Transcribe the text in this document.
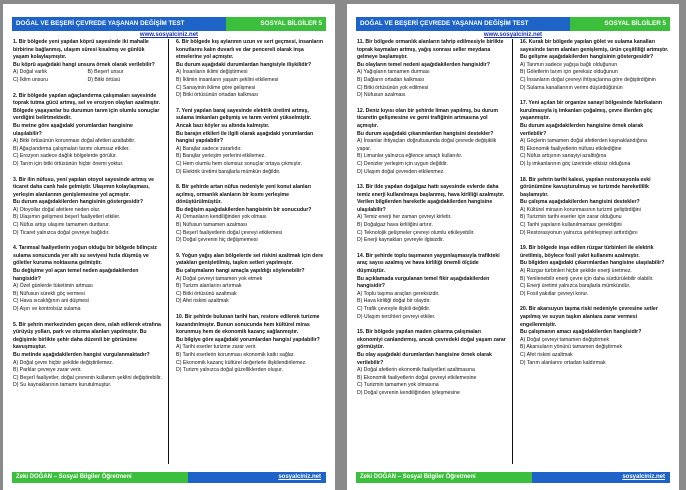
DOĞAL VE BEŞERİ ÇEVREDE YAŞANAN DEĞİŞİM TEST	SOSYAL BİLGİLER 5
www.sosyalciniz.net
1. Bir bölgede yeni yapılan köprü sayesinde iki mahalle birbirine bağlanmış, ulaşım süresi kısalmış ve günlük yaşam kolaylaşmıştır.
Bu köprü aşağıdaki hangi unsura örnek olarak verilebilir?
A) Doğal varlık	B) Beşerî unsur
C) İklim unsuru	D) Bitki örtüsü
2. Bir bölgede yapılan ağaçlandırma çalışmaları sayesinde toprak tutma gücü artmış, sel ve erozyon olayları azalmıştır. Bölgede yaşayanlar bu durumun tarım için olumlu sonuçlar verdiğini belirtmektedir.
Bu metne göre aşağıdaki yorumlardan hangisine ulaşılabilir?
A) Bitki örtüsünün korunması doğal afetleri azaltabilir.
B) Ağaçlandırma çalışmaları tarımı olumsuz etkiler.
C) Erozyon sadece dağlık bölgelerde görülür.
D) Tarım için bitki örtüsünün hiçbir önemi yoktur.
3. Bir ilin nüfusu, yeni yapılan otoyol sayesinde artmış ve ticaret daha canlı hale gelmiştir. Ulaşımın kolaylaşması, yerleşim alanlarının genişlemesine yol açmıştır.
Bu durum aşağıdakilerden hangisinin göstergesidir?
A) Otoyollar doğal afetlere neden olur.
B) Ulaşımın gelişmesi beşerî faaliyetleri etkiler.
C) Nüfus artışı ulaşımı tamamen durdurur.
D) Ticaret yalnızca doğal çevreye bağlıdır.
4. Tarımsal faaliyetlerin yoğun olduğu bir bölgede bilinçsiz sulama sonucunda yer altı su seviyesi hızla düşmüş ve göletler kuruma noktasına gelmiştir.
Bu değişime yol açan temel neden aşağıdakilerden hangisidir?
A) Özel günlerde tüketimin artması
B) Nüfusun sürekli göç vermesi
C) Hava sıcaklığının ani düşmesi
D) Aşırı ve kontrolsüz sulama
5. Bir şehrin merkezinden geçen dere, ıslah edilerek etrafına yürüyüş yolları, park ve oturma alanları yapılmıştır. Bu değişimle birlikte şehir daha düzenli bir görünüme kavuşmuştur.
Bu metinde aşağıdakilerden hangisi vurgulanmaktadır?
A) Doğal çevre hiçbir şekilde değiştirilemez.
B) Parklar çevreye zarar verir.
C) Beşerî faaliyetler, doğal çevrenin kullanım şeklini değiştirebilir.
D) Su kaynaklarının tamamı kurutulmuştur.
6. Bir bölgede kış aylarının uzun ve sert geçmesi, insanların konutlarını kalın duvarlı ve dar pencereli olarak inşa etmelerine yol açmıştır.
Bu durum aşağıdaki durumlardan hangisiyle ilişkilidir?
A) İnsanların iklimi değiştirmesi
B) İklimin insanların yaşam şeklini etkilemesi
C) Sanayinin iklime göre gelişmesi
D) Bitki örtüsünün ortadan kalkması
7. Yeni yapılan baraj sayesinde elektrik üretimi artmış, sulama imkanları gelişmiş ve tarım verimi yükselmiştir. Ancak bazı köyler su altında kalmıştır.
Bu barajın etkileri ile ilgili olarak aşağıdaki yorumlardan hangisi yapılabilir?
A) Barajlar sadece zararlıdır.
B) Barajlar yerleşim yerlerini etkilemez.
C) Hem olumlu hem olumsuz sonuçlar ortaya çıkmıştır.
D) Elektrik üretimi barajlarla mümkün değildir.
8. Bir şehirde artan nüfus nedeniyle yeni konut alanları açılmış, ormanlık alanların bir kısmı yerleşime dönüştürülmüştür.
Bu değişim aşağıdakilerden hangisinin bir sonucudur?
A) Ormanların kendiliğinden yok olması
B) Nüfusun tamamen azalması
C) Beşerî faaliyetlerin doğal çevreyi etkilemesi
D) Doğal çevrenin hiç değişmemesi
9. Yoğun yağış alan bölgelerde sel riskini azaltmak için dere yatakları genişletilmiş, taşkın setleri yapılmıştır.
Bu çalışmaların hangi amaçla yapıldığı söylenebilir?
A) Doğal çevreyi tamamen yok etmek
B) Turizm alanlarını artırmak
C) Bitki örtüsünü azaltmak
D) Afet riskini azaltmak
10. Bir şehirde bulunan tarihi han, restore edilerek turizme kazandırılmıştır. Bunun sonucunda hem kültürel miras korunmuş hem de ekonomik kazanç sağlanmıştır.
Bu bilgiye göre aşağıdaki yorumlardan hangisi yapılabilir?
A) Tarihi eserler turizme zarar verir.
B) Tarihi eserlerin korunması ekonomik katkı sağlar.
C) Ekonomik kazanç kültürel değerlerle ilişkilendirilemez.
D) Turizm yalnızca doğal güzelliklerden oluşur.
Zeki DOĞAN – Sosyal Bilgiler Öğretmeni	sosyalciniz.net
DOĞAL VE BEŞERİ ÇEVREDE YAŞANAN DEĞİŞİM TEST	SOSYAL BİLGİLER 5
www.sosyalciniz.net
11. Bir bölgede ormanlık alanların tahrip edilmesiyle birlikte toprak kaymaları artmış, yağış sonrası seller meydana gelmeye başlamıştır.
Bu olayların temel nedeni aşağıdakilerden hangisidir?
A) Yağışların tamamen durması
B) Dağların ortadan kalkması
C) Bitki örtüsünün yok edilmesi
D) Nüfusun azalması
12. Deniz kıyısı olan bir şehirde liman yapılmış, bu durum ticaretin gelişmesine ve gemi trafiğinin artmasına yol açmıştır.
Bu durum aşağıdaki çıkarımlardan hangisini destekler?
A) İnsanlar ihtiyaçları doğrultusunda doğal çevrede değişiklik yapar.
B) Limanlar yalnızca eğlence amaçlı kullanılır.
C) Denizler yerleşim için uygun değildir.
D) Ulaşım doğal çevreden etkilenmez.
13. Bir ilde yapılan doğalgaz hattı sayesinde evlerde daha temiz enerji kullanılmaya başlanmış, hava kirliliği azalmıştır.
Verilen bilgilerden hareketle aşağıdakilerden hangisine ulaşılabilir?
A) Temiz enerji her zaman çevreyi kirletir.
B) Doğalgaz hava kirliliğini artırır.
C) Teknolojik gelişmeler çevreyi olumlu etkileyebilir.
D) Enerji kaynakları çevreyle ilgisizdir.
14. Bir şehirde toplu taşımanın yaygınlaşmasıyla trafikteki araç sayısı azalmış ve hava kirliliği önemli ölçüde düşmüştür.
Bu açıklamada vurgulanan temel fikir aşağıdakilerden hangisidir?
A) Toplu taşıma araçları gereksizdir.
B) Hava kirliliği doğal bir olaydır.
C) Trafik çevreyle ilişkili değildir.
D) Ulaşım tercihleri çevreyi etkiler.
15. Bir bölgede yapılan maden çıkarma çalışmaları ekonomiyi canlandırmış, ancak çevredeki doğal yaşam zarar görmüştür.
Bu olay aşağıdaki durumlardan hangisine örnek olarak verilebilir?
A) Doğal afetlerin ekonomik faaliyetleri azaltmasına
B) Ekonomik faaliyetlerin doğal çevreyi etkilemesine
C) Turizmin tamamen yok olmasına
D) Doğal çevrenin kendiliğinden iyileşmesine
16. Kurak bir bölgede yapılan gölet ve sulama kanalları sayesinde tarım alanları genişlemiş, ürün çeşitliliği artmıştır.
Bu gelişme aşağıdakilerden hangisinin göstergesidir?
A) Tarımın sadece yağışa bağlı olduğunun
B) Göletlerin tarım için gereksiz olduğunun
C) İnsanların doğal çevreyi ihtiyaçlarına göre değiştirdiğinin
D) Sulama kanallarının verimi düşürdüğünün
17. Yeni açılan bir organize sanayi bölgesinde fabrikaların kurulmasıyla iş imkanları çoğalmış, çevre illerden göç yaşanmıştır.
Bu durum aşağıdakilerden hangisine örnek olarak verilebilir?
A) Göçlerin tamamen doğal afetlerden kaynaklandığına
B) Ekonomik faaliyetlerin nüfusu etkilediğine
C) Nüfus artışının sanayiyi azalttığına
D) İş imkanlarının göç üzerinde etkisiz olduğuna
18. Bir şehrin tarihi kalesi, yapılan restorasyonla eski görünümüne kavuşturulmuş ve turizmde hareketlilik başlamıştır.
Bu çalışma aşağıdakilerden hangisini destekler?
A) Kültürel mirasın korunmasının turizmi geliştirdiğini
B) Turizmin tarihi eserler için zarar olduğunu
C) Tarihi yapıların kullanılmaması gerektiğini
D) Restorasyonun yalnızca şehirleşmeyi arttırdığını
19. Bir bölgede inşa edilen rüzgar türbinleri ile elektrik üretilmiş, böylece fosil yakıt kullanımı azalmıştır.
Bu bilgiden aşağıdaki çıkarımlardan hangisine ulaşılabilir?
A) Rüzgar türbinleri hiçbir şekilde enerji üretmez.
B) Yenilenebilir enerji çevre için daha sürdürülebilir olabilir.
C) Enerji üretimi yalnızca barajlarla mümkündür.
D) Fosil yakıtlar çevreyi korur.
20. Bir akarsuyun taşma riski nedeniyle çevresine setler yapılmış ve suyun taşkın alanlara zarar vermesi engellenmiştir.
Bu çalışmanın amacı aşağıdakilerden hangisidir?
A) Doğal çevreyi tamamen değiştirmek
B) Akarsuların yönünü tamamen değiştirmek
C) Afet riskini azaltmak
D) Tarım alanlarını ortadan kaldırmak
Zeki DOĞAN – Sosyal Bilgiler Öğretmeni	sosyalciniz.net
